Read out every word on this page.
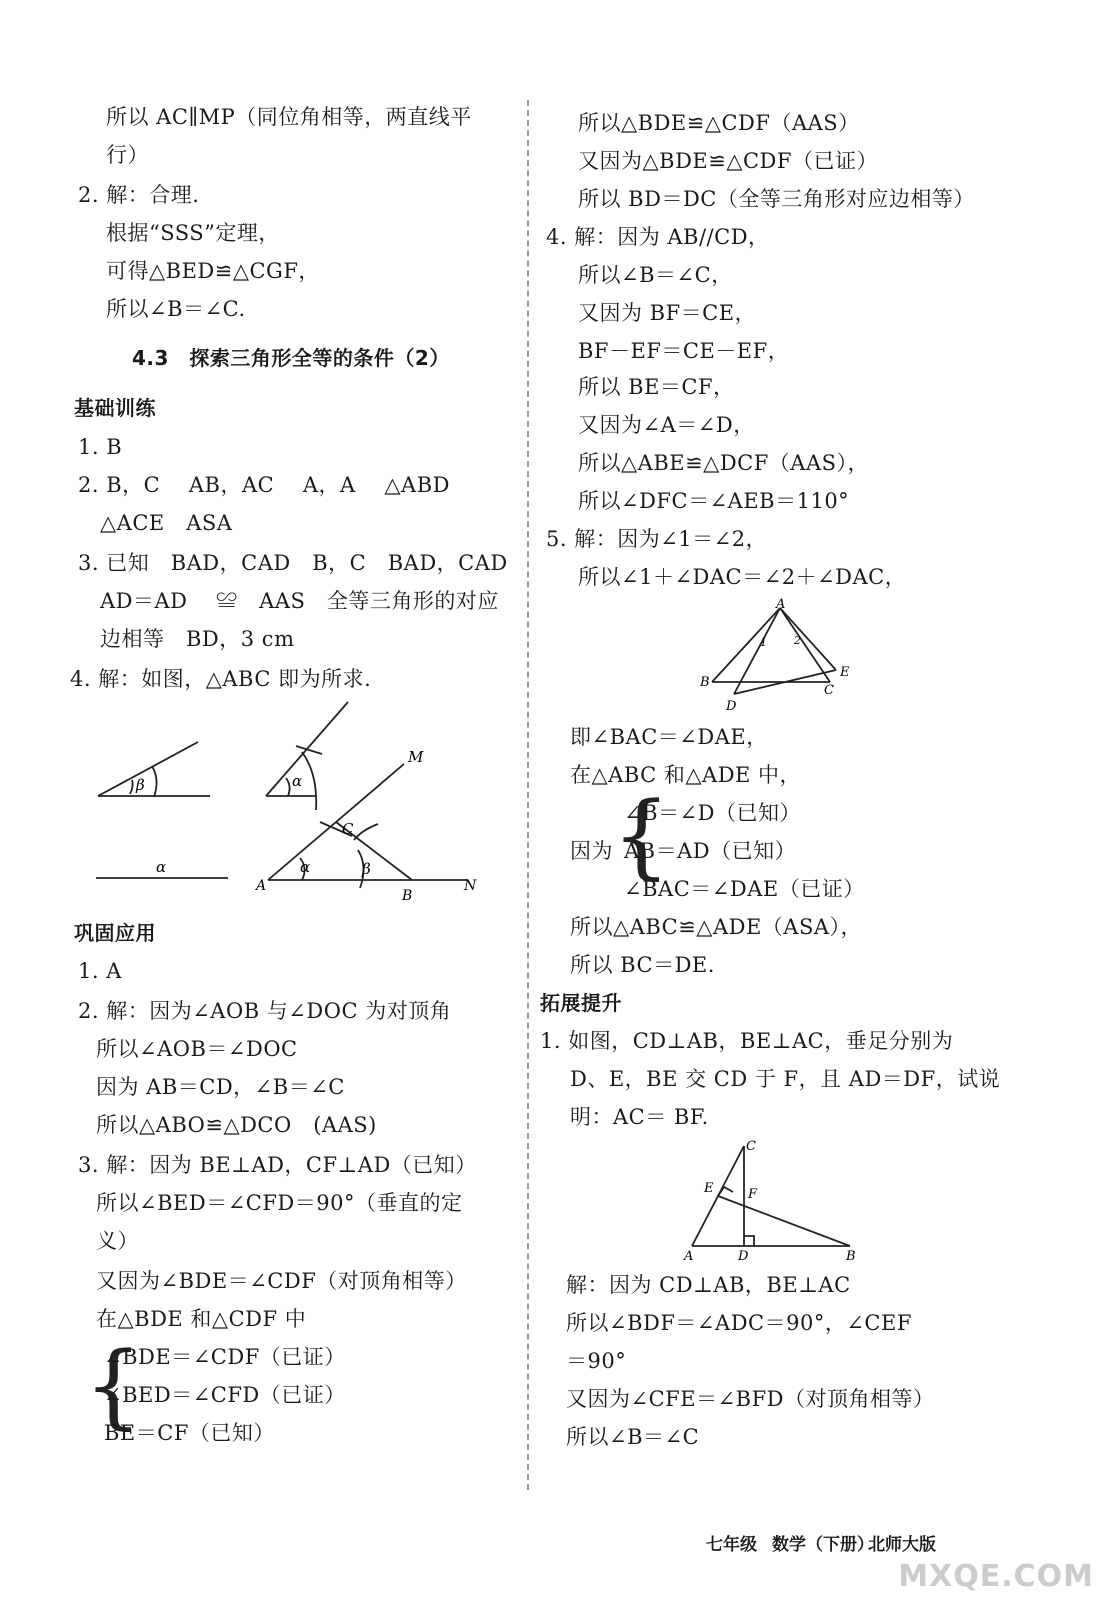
所以 AC∥MP（同位角相等，两直线平
行）
2. 解：合理.
根据“SSS”定理，
可得△BED≌△CGF，
所以∠B＝∠C.
4.3　探索三角形全等的条件（2）
基础训练
1. B
2. B，C　 AB，AC　 A，A　 △ABD
△ACE　ASA
3. 已知　BAD，CAD　B，C　BAD，CAD
AD＝AD　 ≌　AAS　全等三角形的对应
边相等　BD，3 cm
4. 解：如图，△ABC 即为所求.
β	α
M
C
α	β
α
A
B
N
巩固应用
1. A
2. 解：因为∠AOB 与∠DOC 为对顶角
所以∠AOB＝∠DOC
因为 AB＝CD，∠B＝∠C
所以△ABO≌△DCO　(AAS)
3. 解：因为 BE⊥AD，CF⊥AD（已知）
所以∠BED＝∠CFD＝90°（垂直的定
义）
又因为∠BDE＝∠CDF（对顶角相等）
在△BDE 和△CDF 中
{
∠BDE＝∠CDF（已证）
∠BED＝∠CFD（已证）
BE＝CF（已知）
所以△BDE≌△CDF（AAS）
又因为△BDE≌△CDF（已证）
所以 BD＝DC（全等三角形对应边相等）
4. 解：因为 AB//CD，
所以∠B＝∠C，
又因为 BF＝CE，
BF－EF＝CE－EF，
所以 BE＝CF，
又因为∠A＝∠D，
所以△ABE≌△DCF（AAS），
所以∠DFC＝∠AEB＝110°
5. 解：因为∠1＝∠2，
所以∠1＋∠DAC＝∠2＋∠DAC，
A
1 2
B
C
D
E
即∠BAC＝∠DAE，
在△ABC 和△ADE 中，
{
∠B＝∠D（已知）
因为 AB＝AD（已知）
∠BAC＝∠DAE（已证）
所以△ABC≌△ADE（ASA），
所以 BC＝DE.
拓展提升
1. 如图，CD⊥AB，BE⊥AC，垂足分别为
D、E，BE 交 CD 于 F，且 AD＝DF，试说
明：AC＝ BF.
C
E	F
A	D	B
解：因为 CD⊥AB，BE⊥AC
所以∠BDF＝∠ADC＝90°，∠CEF
＝90°
又因为∠CFE＝∠BFD（对顶角相等）
所以∠B＝∠C
七年级 数学（下册）
北师大版
MXQE.COM
